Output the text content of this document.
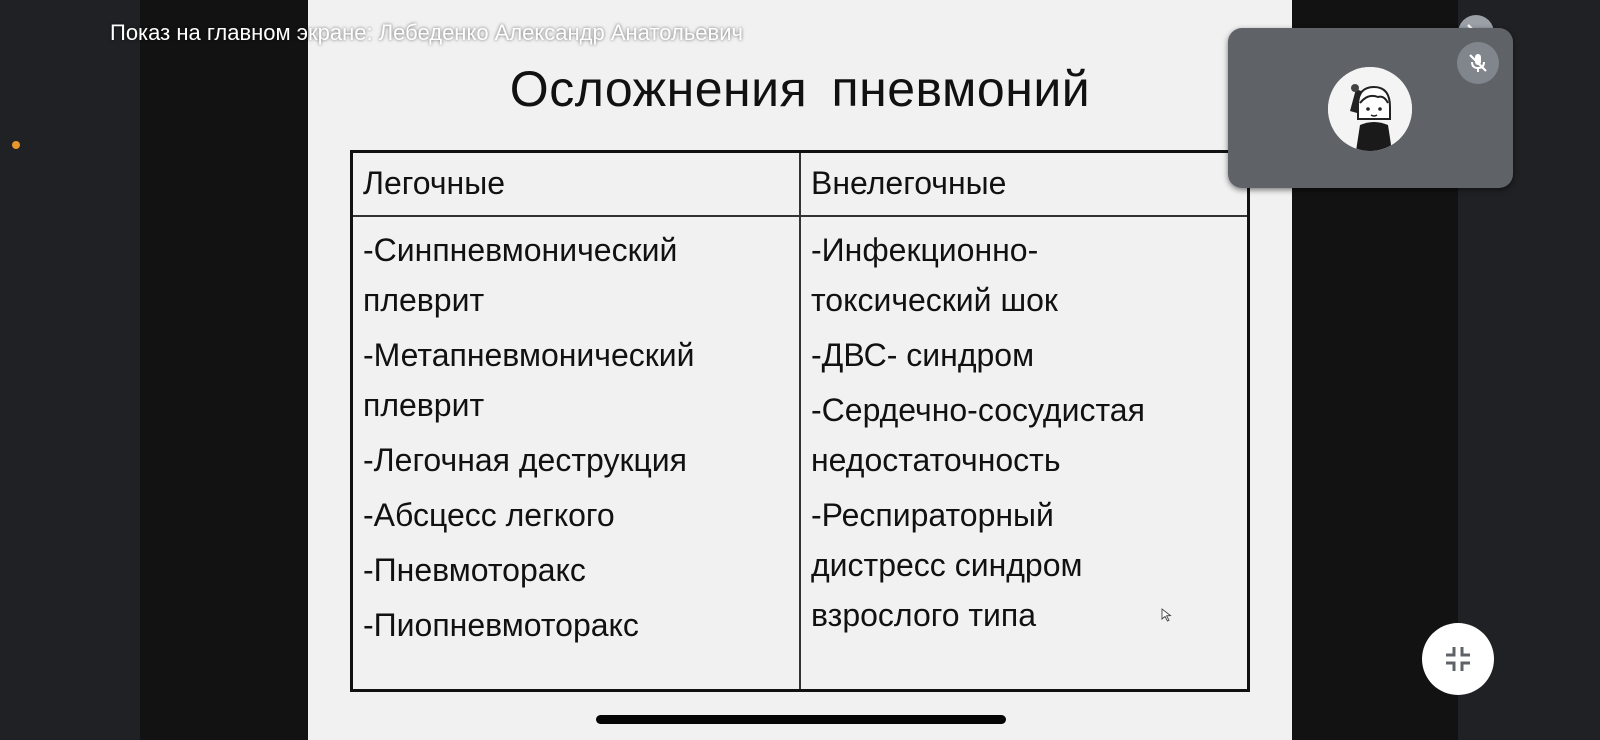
Осложнения пневмоний
Легочные	Внелегочные
-Синпневмонический
плеврит
-Метапневмонический
плеврит
-Легочная деструкция
-Абсцесс легкого
-Пневмоторакс
-Пиопневмоторакс
-Инфекционно-
токсический шок
-ДВС- синдром
-Сердечно-сосудистая
недостаточность
-Респираторный
дистресс синдром
взрослого типа
Показ на главном экране: Лебеденко Александр Анатольевич
